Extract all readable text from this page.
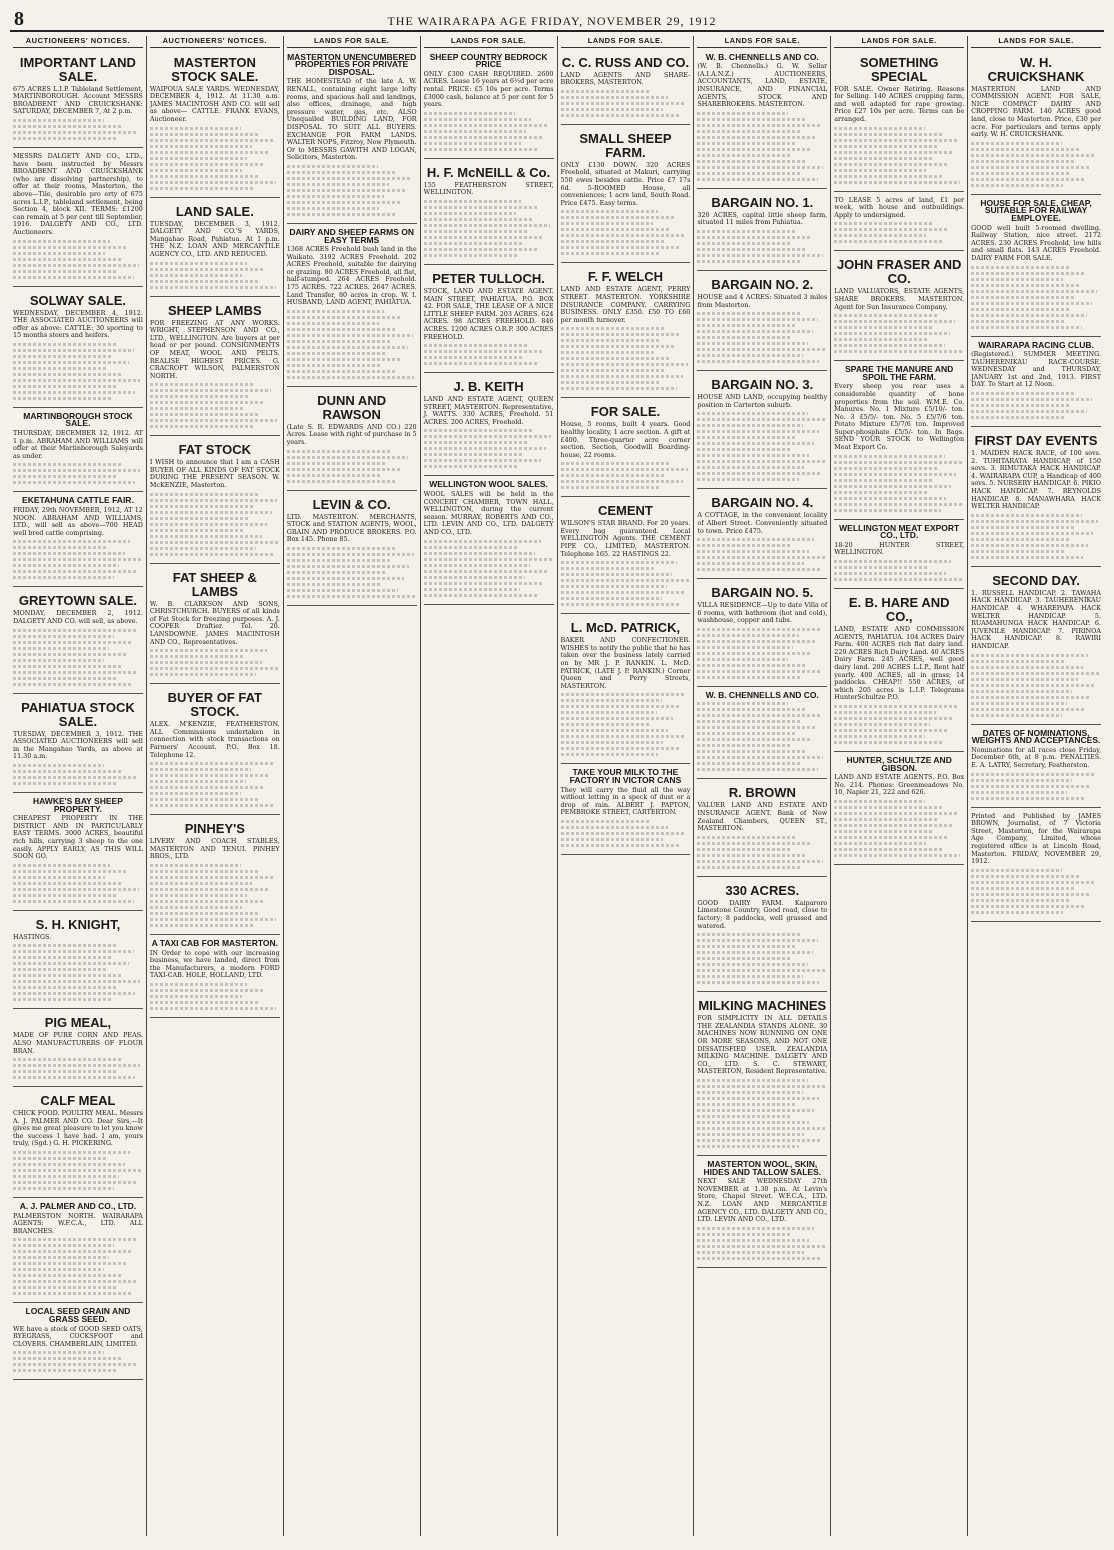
8	THE WAIRARAPA AGE FRIDAY, NOVEMBER 29, 1912
AUCTIONEERS' NOTICES.
IMPORTANT LAND SALE.

675 ACRES L.I.P. Tableland Settlement, MARTINBOROUGH. Account MESSRS BROADBENT AND CRUICKSHANK: SATURDAY, DECEMBER 7, At 2 p.m.

MESSRS DALGETY AND CO., LTD., have been instructed by Messrs BROADBENT AND CRUICKSHANK (who are dissolving partnership), to offer at their rooms, Masterton, the above—Tile, desirable pro erty of 675 acres L.I.P., tableland settlement, being Section 4, block XII. TERMS: £1200 can remain at 5 per cent till September, 1916. DALGETY AND CO., LTD. Auctioneers.

SOLWAY SALE.

WEDNESDAY, DECEMBER 4, 1912. THE ASSOCIATED AUCTIONEERS will offer as above: CATTLE: 30 sporting to 15 months steers and heifers.

MARTINBOROUGH STOCK SALE.

THURSDAY, DECEMBER 12, 1912. AT 1 p.m. ABRAHAM AND WILLIAMS will offer at their Martinborough Saleyards as under.

EKETAHUNA CATTLE FAIR.

FRIDAY, 29th NOVEMBER, 1912, AT 12 NOON. ABRAHAM AND WILLIAMS, LTD., will sell as above—700 HEAD well bred cattle comprising.

GREYTOWN SALE.

MONDAY, DECEMBER 2, 1912. DALGETY AND CO. will sell, as above.

PAHIATUA STOCK SALE.

TUESDAY, DECEMBER 3, 1912. THE ASSOCIATED AUCTIONEERS will sell in the Mangahao Yards, as above at 11.30 a.m.

HAWKE'S BAY SHEEP PROPERTY.

CHEAPEST PROPERTY IN THE DISTRICT AND IN PARTICULARLY EASY TERMS. 3000 ACRES, beautiful rich hills, carrying 3 sheep to the one easily. APPLY EARLY, AS THIS WILL SOON GO.

S. H. KNIGHT,

HASTINGS.

PIG MEAL,

MADE OF PURE CORN AND PEAS. ALSO MANUFACTURERS OF FLOUR BRAN.

CALF MEAL

CHICK FOOD. POULTRY MEAL. Messrs A. J. PALMER AND CO. Dear Sirs,—It gives me great pleasure to let you know the success I have had. I am, yours truly, (Sgd.) G. H. PICKERING.

A. J. PALMER AND CO., LTD.

PALMERSTON NORTH. WAIRARAPA AGENTS: W.F.C.A., LTD. ALL BRANCHES.

LOCAL SEED GRAIN AND GRASS SEED.

WE have a stock of GOOD SEED OATS, RYEGRASS, COCKSFOOT and CLOVERS. CHAMBERLAIN, LIMITED.

AUCTIONEERS' NOTICES.
MASTERTON STOCK SALE.

WAIPOUA SALE YARDS. WEDNESDAY, DECEMBER 4, 1912. At 11.30 a.m. JAMES MACINTOSH AND CO. will sell as above— CATTLE. FRANK EVANS, Auctioneer.

LAND SALE.

TUESDAY, DECEMBER 3, 1912. DALGETY AND CO.'S YARDS, Mangahao Road, Pahiatua. At 1 p.m. THE N.Z. LOAN AND MERCANTILE AGENCY CO., LTD. AND REDUCED.

SHEEP LAMBS

FOR FREEZING AT ANY WORKS. WRIGHT, STEPHENSON AND CO., LTD., WELLINGTON. Are buyers at per head or per pound. CONSIGNMENTS OF MEAT, WOOL AND PELTS. REALISE HIGHEST PRICES. G. CRACROFT WILSON, PALMERSTON NORTH.

FAT STOCK

I WISH to announce that I am a CASH BUYER OF ALL KINDS OF FAT STOCK DURING THE PRESENT SEASON. W. McKENZIE, Masterton.

FAT SHEEP & LAMBS

W. B. CLARKSON AND SONS, CHRISTCHURCH. BUYERS of all kinds of Fat Stock for freezing purposes. A. J. COOPER Draftier. Tel. 20. LANSDOWNE. JAMES MACINTOSH AND CO., Representatives.

BUYER OF FAT STOCK.

ALEX. M'KENZIE, FEATHERSTON. ALL Commissions undertaken in connection with stock transactions on Farmers' Account. P.O. Box 18. Telephone 12.

PINHEY'S

LIVERY AND COACH STABLES, MASTERTON AND TENUI. PINHEY BROS., LTD.

A TAXI CAB FOR MASTERTON.

IN Order to cope with our increasing business, we have landed, direct from the Manufacturers, a modern FORD TAXI-CAB. HOLE, HOLLAND, LTD.

LANDS FOR SALE.
MASTERTON UNENCUMBERED PROPERTIES FOR PRIVATE DISPOSAL.

THE HOMESTEAD of the late A. W. RENALL, containing eight large lofty rooms, and spacious hall and landings, also offices, drainage, and high pressure water, gas, etc. ALSO Unequalled BUILDING LAND, FOR DISPOSAL TO SUIT ALL BUYERS. EXCHANGE FOR FARM LANDS. WALTER NOPS, Fitzroy, New Plymouth. Or to MESSRS GAWITH AND LOGAN, Solicitors, Masterton.

DAIRY AND SHEEP FARMS ON EASY TERMS

1368 ACRES Freehold bush land in the Waikato. 3192 ACRES Freehold. 202 ACRES Freehold, suitable for dairying or grazing. 80 ACRES Freehold, all flat, half-stumped. 264 ACRES Freehold. 175 ACRES. 722 ACRES. 2647 ACRES. Land Transfer, 80 acres in crop. W. I. HUSBAND, LAND AGENT, PAHIATUA.

DUNN AND RAWSON

(Late S. R. EDWARDS AND CO.) 220 Acres. Lease with right of purchase in 5 years.

LEVIN & CO.

LTD. MASTERTON. MERCHANTS, STOCK and STATION AGENTS, WOOL, GRAIN AND PRODUCE BROKERS. P.O. Box 145. Phone 85.

LANDS FOR SALE.
SHEEP COUNTRY BEDROCK PRICE

ONLY £300 CASH REQUIRED. 2600 ACRES. Lease 16 years at 6½d per acre rental. PRICE: £5 10s per acre. Terms £3000 cash, balance at 5 per cent for 5 years.

H. F. McNEILL & Co.

155 FEATHERSTON STREET, WELLINGTON.

PETER TULLOCH.

STOCK, LAND AND ESTATE AGENT. MAIN STREET, PAHIATUA. P.O. BOX 42. FOR SALE, THE LEASE OF A NICE LITTLE SHEEP FARM. 203 ACRES. 624 ACRES. 98 ACRES FREEHOLD. 846 ACRES. 1200 ACRES O.R.P. 300 ACRES FREEHOLD.

J. B. KEITH

LAND AND ESTATE AGENT, QUEEN STREET, MASTERTON. Representative, J. WATTS. 330 ACRES, Freehold. 51 ACRES. 200 ACRES, Freehold.

WELLINGTON WOOL SALES.

WOOL SALES will be held in the CONCERT CHAMBER, TOWN HALL, WELLINGTON, during the current season. MURRAY, ROBERTS AND CO., LTD. LEVIN AND CO., LTD. DALGETY AND CO., LTD.

LANDS FOR SALE.
C. C. RUSS AND CO.

LAND AGENTS AND SHARE-BROKERS, MASTERTON.

SMALL SHEEP FARM.

ONLY £130 DOWN. 320 ACRES Freehold, situated at Makuri, carrying 550 ewes besides cattle. Price £7 17s 6d. 5-ROOMED House, all conveniences; 1 acre land, South Road. Price £475. Easy terms.

F. F. WELCH

LAND AND ESTATE AGENT, PERRY STREET MASTERTON. YORKSHIRE INSURANCE COMPANY. CARRYING BUSINESS. ONLY £350. £50 TO £60 per month turnover.

FOR SALE.

House, 5 rooms, built 4 years. Good healthy locality, 1 acre section. A gift at £400. Three-quarter acre corner section. Section, Goodwill Boarding-house, 22 rooms.

CEMENT

WILSON'S STAR BRAND. For 20 years. Every bag guaranteed. Local WELLINGTON Agents. THE CEMENT PIPE CO., LIMITED, MASTERTON. Telephone 165. 22 HASTINGS 22.

L. McD. PATRICK,

BAKER AND CONFECTIONER. WISHES to notify the public that he has taken over the business lately carried on by MR J. P. RANKIN. L. McD. PATRICK, (LATE J. P. RANKIN.) Corner Queen and Perry Streets, MASTERTON.

TAKE YOUR MILK TO THE FACTORY IN VICTOR CANS

They will carry the fluid all the way without letting in a speck of dust or a drop of rain. ALBERT J. PAPTON, PEMBROKE STREET, CARTERTON.

LANDS FOR SALE.
W. B. CHENNELLS AND CO.

(W. B. Chennells.) G. W. Sellar (A.I.A.N.Z.) AUCTIONEERS, ACCOUNTANTS, LAND, ESTATE, INSURANCE, AND FINANCIAL AGENTS, STOCK AND SHAREBROKERS. MASTERTON.

BARGAIN NO. 1.

320 ACRES, capital little sheep farm, situated 11 miles from Pahiatua.

BARGAIN NO. 2.

HOUSE and 4 ACRES: Situated 3 miles from Masterton.

BARGAIN NO. 3.

HOUSE AND LAND, occupying healthy position in Carterton suburb.

BARGAIN NO. 4.

A COTTAGE, in the convenient locality of Albert Street. Conveniently situated to town. Price £475.

BARGAIN NO. 5.

VILLA RESIDENCE—Up to date Villa of 6 rooms, with bathroom (hot and cold), washhouse, copper and tubs.

W. B. CHENNELLS AND CO.
R. BROWN

VALUER LAND AND ESTATE AND INSURANCE AGENT. Bank of New Zealand Chambers, QUEEN ST., MASTERTON.

330 ACRES.

GOOD DAIRY FARM. Kaiparoro Limestone Country, Good road, close to factory; 8 paddocks, well grassed and watered.

MILKING MACHINES

FOR SIMPLICITY IN ALL DETAILS THE ZEALANDIA STANDS ALONE. 30 MACHINES NOW RUNNING ON ONE OR MORE SEASONS, AND NOT ONE DISSATISFIED USER. ZEALANDIA MILKING MACHINE. DALGETY AND CO., LTD. S. C. STEWART, MASTERTON, Resident Representative.

MASTERTON WOOL, SKIN, HIDES AND TALLOW SALES.

NEXT SALE WEDNESDAY 27th NOVEMBER at 1.30 p.m. At Levin's Store, Chapel Street. W.F.C.A., LTD. N.Z. LOAN AND MERCANTILE AGENCY CO., LTD. DALGETY AND CO., LTD. LEVIN AND CO., LTD.

LANDS FOR SALE.
SOMETHING SPECIAL

FOR SALE. Owner Retiring. Reasons for Selling. 140 ACRES cropping farm, and well adapted for rape growing. Price £27 10s per acre. Terms can be arranged.

TO LEASE 5 acres of land, £1 per week, with house and outbuildings. Apply to undersigned.

JOHN FRASER AND CO.

LAND VALUATORS, ESTATE AGENTS, SHARE BROKERS. MASTERTON. Agent for Sun Insurance Company.

SPARE THE MANURE AND SPOIL THE FARM.

Every sheep you rear uses a considerable quantity of bone properties from the soil. W.M.E. Co. Manures. No. 1 Mixture £5/10/- ton. No. 3 £5/5/- ton. No. 5 £5/7/6 ton. Potato Mixture £5/7/6 ton. Improved Super-phosphate £5/5/- ton. In Bags. SEND YOUR STOCK to Wellington Meat Export Co.

WELLINGTON MEAT EXPORT CO., LTD.

18-20 HUNTER STREET, WELLINGTON.

E. B. HARE AND CO.,

LAND, ESTATE AND COMMISSION AGENTS, PAHIATUA. 104 ACRES Dairy Farm. 400 ACRES rich flat dairy land. 220 ACRES Rich Dairy Land. 40 ACRES Dairy Farm. 245 ACRES, well good dairy land. 200 ACRES L.I.P., Rent half yearly. 400 ACRES, all in grass; 14 paddocks. CHEAP!! 550 ACRES, of which 205 acres is L.I.P. Telegrams HunterSchultze P.O.

HUNTER, SCHULTZE AND GIBSON.

LAND AND ESTATE AGENTS. P.O. Box No. 214. Phones: Greenmeadows No. 10, Napier 21, 222 and 626.

LANDS FOR SALE.
W. H. CRUICKSHANK

MASTERTON LAND AND COMMISSION AGENT. FOR SALE, NICE COMPACT DAIRY AND CROPPING FARM. 140 ACRES good land, close to Masterton. Price, £30 per acre. For particulars and terms apply early. W. H. CRUICKSHANK.

HOUSE FOR SALE, CHEAP, SUITABLE FOR RAILWAY EMPLOYEE.

GOOD well built 5-roomed dwelling. Railway Station, nice street. 2172 ACRES. 230 ACRES Freehold, low hills and small flats. 143 ACRES Freehold. DAIRY FARM FOR SALE.

WAIRARAPA RACING CLUB.

(Registered.) SUMMER MEETING. TAUHERENIKAU RACE-COURSE. WEDNESDAY and THURSDAY, JANUARY 1st and 2nd, 1913. FIRST DAY. To Start at 12 Noon.

FIRST DAY EVENTS

1. MAIDEN HACK RACE, of 100 sovs. 2. TUHITARATA HANDICAP, of 150 sovs. 3. RIMUTAKA HACK HANDICAP. 4. WAIRARAPA CUP, a Handicap of 400 sovs. 5. NURSERY HANDICAP. 6. PIKIO HACK HANDICAP. 7. REYNOLDS HANDICAP. 8. MANAWHARA HACK WELTER HANDICAP.

SECOND DAY.

1. RUSSELL HANDICAP. 2. TAWAHA HACK HANDICAP. 3. TAUHERENIKAU HANDICAP. 4. WHAREPAPA HACK WELTER HANDICAP. 5. RUAMAHUNGA HACK HANDICAP. 6. JUVENILE HANDICAP. 7. PIRINOA HACK HANDICAP. 8. RAWIRI HANDICAP.

DATES OF NOMINATIONS, WEIGHTS AND ACCEPTANCES.

Nominations for all races close Friday, December 6th, at 8 p.m. PENALTIES. E. A. LATRY, Secretary, Featherston.

Printed and Published by JAMES BROWN, Journalist, of 7 Victoria Street, Masterton, for the Wairarapa Age Company, Limited, whose registered office is at Lincoln Road, Masterton. FRIDAY, NOVEMBER 29, 1912.
